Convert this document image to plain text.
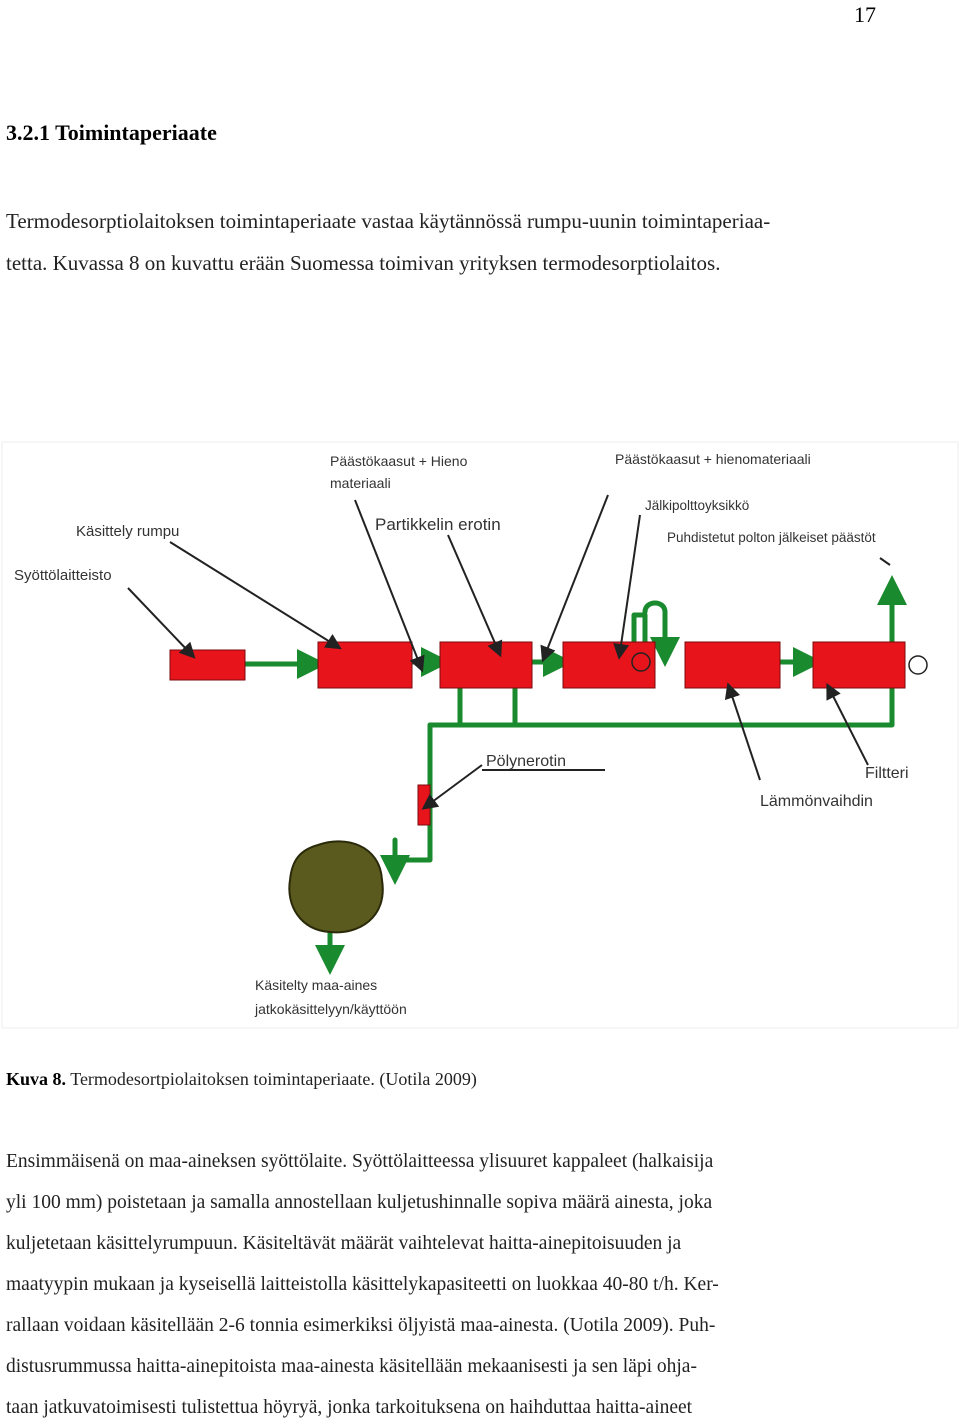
17
3.2.1 Toimintaperiaate
Termodesorptiolaitoksen toimintaperiaate vastaa käytännössä rumpu-uunin toimintaperiaa-
tetta. Kuvassa 8 on kuvattu erään Suomessa toimivan yrityksen termodesorptiolaitos.
Syöttölaitteisto
Käsittely rumpu
Päästökaasut + Hieno
materiaali
Partikkelin erotin
Päästökaasut + hienomateriaali
Jälkipolttoyksikkö
Puhdistetut polton jälkeiset päästöt
Pölynerotin
Filtteri
Lämmönvaihdin
Käsitelty maa-aines
jatkokäsittelyyn/käyttöön

Kuva 8. Termodesortpiolaitoksen toimintaperiaate. (Uotila 2009)

Ensimmäisenä on maa-aineksen syöttölaite. Syöttölaitteessa ylisuuret kappaleet (halkaisija
yli 100 mm) poistetaan ja samalla annostellaan kuljetushinnalle sopiva määrä ainesta, joka
kuljetetaan käsittelyrumpuun. Käsiteltävät määrät vaihtelevat haitta-ainepitoisuuden ja
maatyypin mukaan ja kyseisellä laitteistolla käsittelykapasiteetti on luokkaa 40-80 t/h. Ker-
rallaan voidaan käsitellään 2-6 tonnia esimerkiksi öljyistä maa-ainesta. (Uotila 2009). Puh-
distusrummussa haitta-ainepitoista maa-ainesta käsitellään mekaanisesti ja sen läpi ohja-
taan jatkuvatoimisesti tulistettua höyryä, jonka tarkoituksena on haihduttaa haitta-aineet
